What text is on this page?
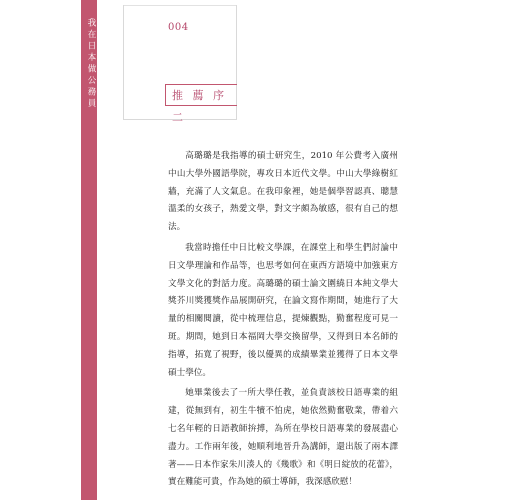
我在日本做公務員	004
推 薦 序 二

高璐璐是我指導的碩士研究生，2010 年公費考入廣州中山大學外國語學院，專攻日本近代文學。中山大學綠樹紅牆，充滿了人文氣息。在我印象裡，她是個學習認真、聰慧溫柔的女孩子，熱愛文學，對文字頗為敏感，很有自己的想法。

我當時擔任中日比較文學課，在課堂上和學生們討論中日文學理論和作品等，也思考如何在東西方語境中加強東方文學文化的對話力度。高璐璐的碩士論文圍繞日本純文學大獎芥川獎獲獎作品展開研究，在論文寫作期間，她進行了大量的相關閱讀，從中梳理信息，提煉觀點，勤奮程度可見一斑。期間，她到日本福岡大學交換留學，又得到日本名師的指導，拓寬了視野，後以優異的成績畢業並獲得了日本文學碩士學位。

她畢業後去了一所大學任教，並負責該校日語專業的組建，從無到有，初生牛犢不怕虎，她依然勤奮敬業，帶着六七名年輕的日語教師拚搏，為所在學校日語專業的發展盡心盡力。工作兩年後，她順利地晉升為講師，還出版了兩本譯著——日本作家朱川湊人的《幾歌》和《明日綻放的花蕾》，實在難能可貴，作為她的碩士導師，我深感欣慰！
